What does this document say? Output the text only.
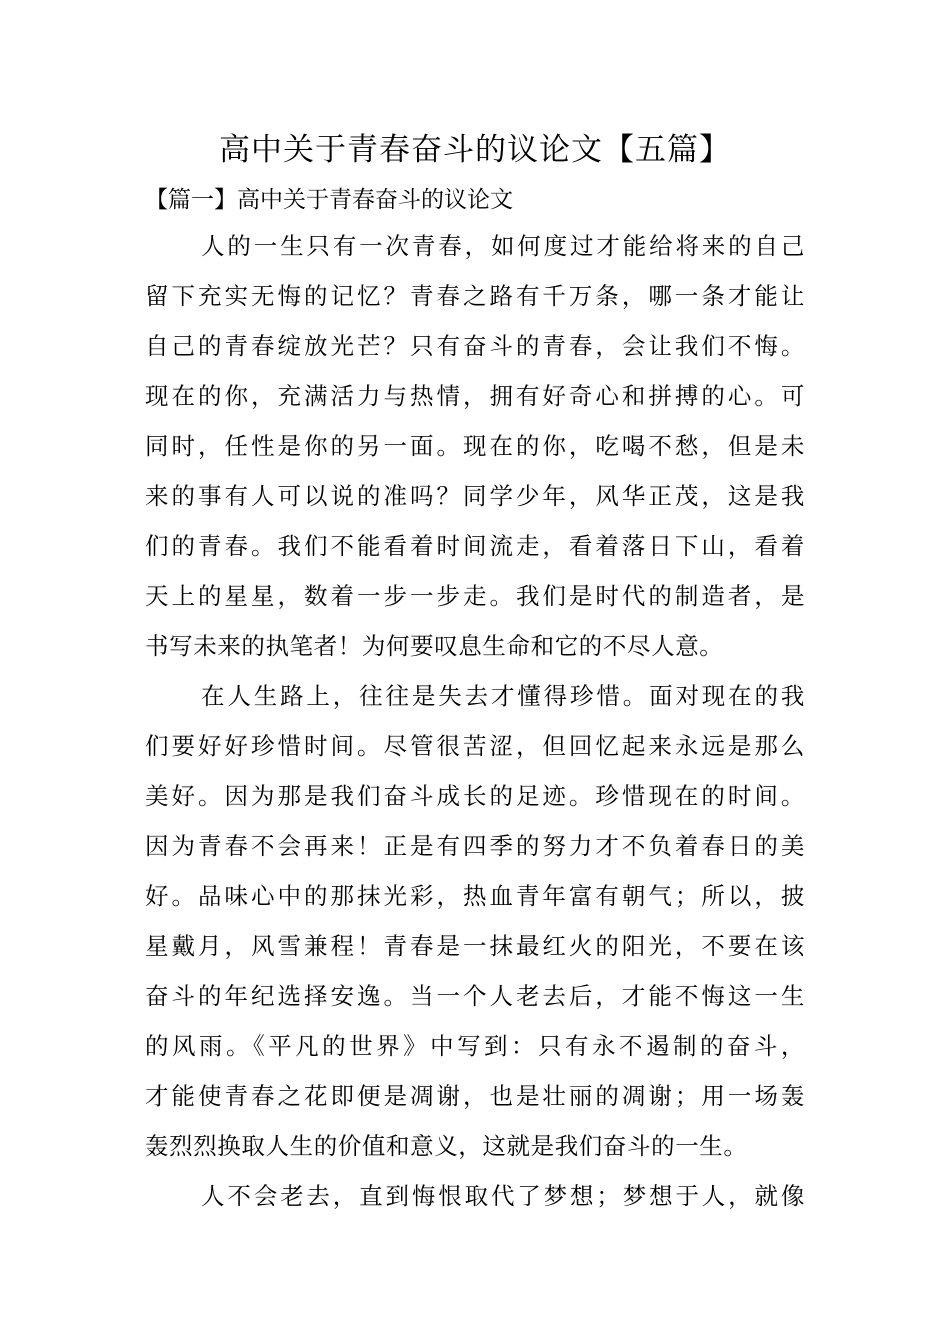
高中关于青春奋斗的议论文【五篇】
【篇一】高中关于青春奋斗的议论文
人的一生只有一次青春，如何度过才能给将来的自己
留下充实无悔的记忆？青春之路有千万条，哪一条才能让
自己的青春绽放光芒？只有奋斗的青春，会让我们不悔。
现在的你，充满活力与热情，拥有好奇心和拼搏的心。可
同时，任性是你的另一面。现在的你，吃喝不愁，但是未
来的事有人可以说的准吗？同学少年，风华正茂，这是我
们的青春。我们不能看着时间流走，看着落日下山，看着
天上的星星，数着一步一步走。我们是时代的制造者，是
书写未来的执笔者！为何要叹息生命和它的不尽人意。
在人生路上，往往是失去才懂得珍惜。面对现在的我
们要好好珍惜时间。尽管很苦涩，但回忆起来永远是那么
美好。因为那是我们奋斗成长的足迹。珍惜现在的时间。
因为青春不会再来！正是有四季的努力才不负着春日的美
好。品味心中的那抹光彩，热血青年富有朝气；所以，披
星戴月，风雪兼程！青春是一抹最红火的阳光，不要在该
奋斗的年纪选择安逸。当一个人老去后，才能不悔这一生
的风雨。《平凡的世界》中写到：只有永不遏制的奋斗，
才能使青春之花即便是凋谢，也是壮丽的凋谢；用一场轰
轰烈烈换取人生的价值和意义，这就是我们奋斗的一生。
人不会老去，直到悔恨取代了梦想；梦想于人，就像
